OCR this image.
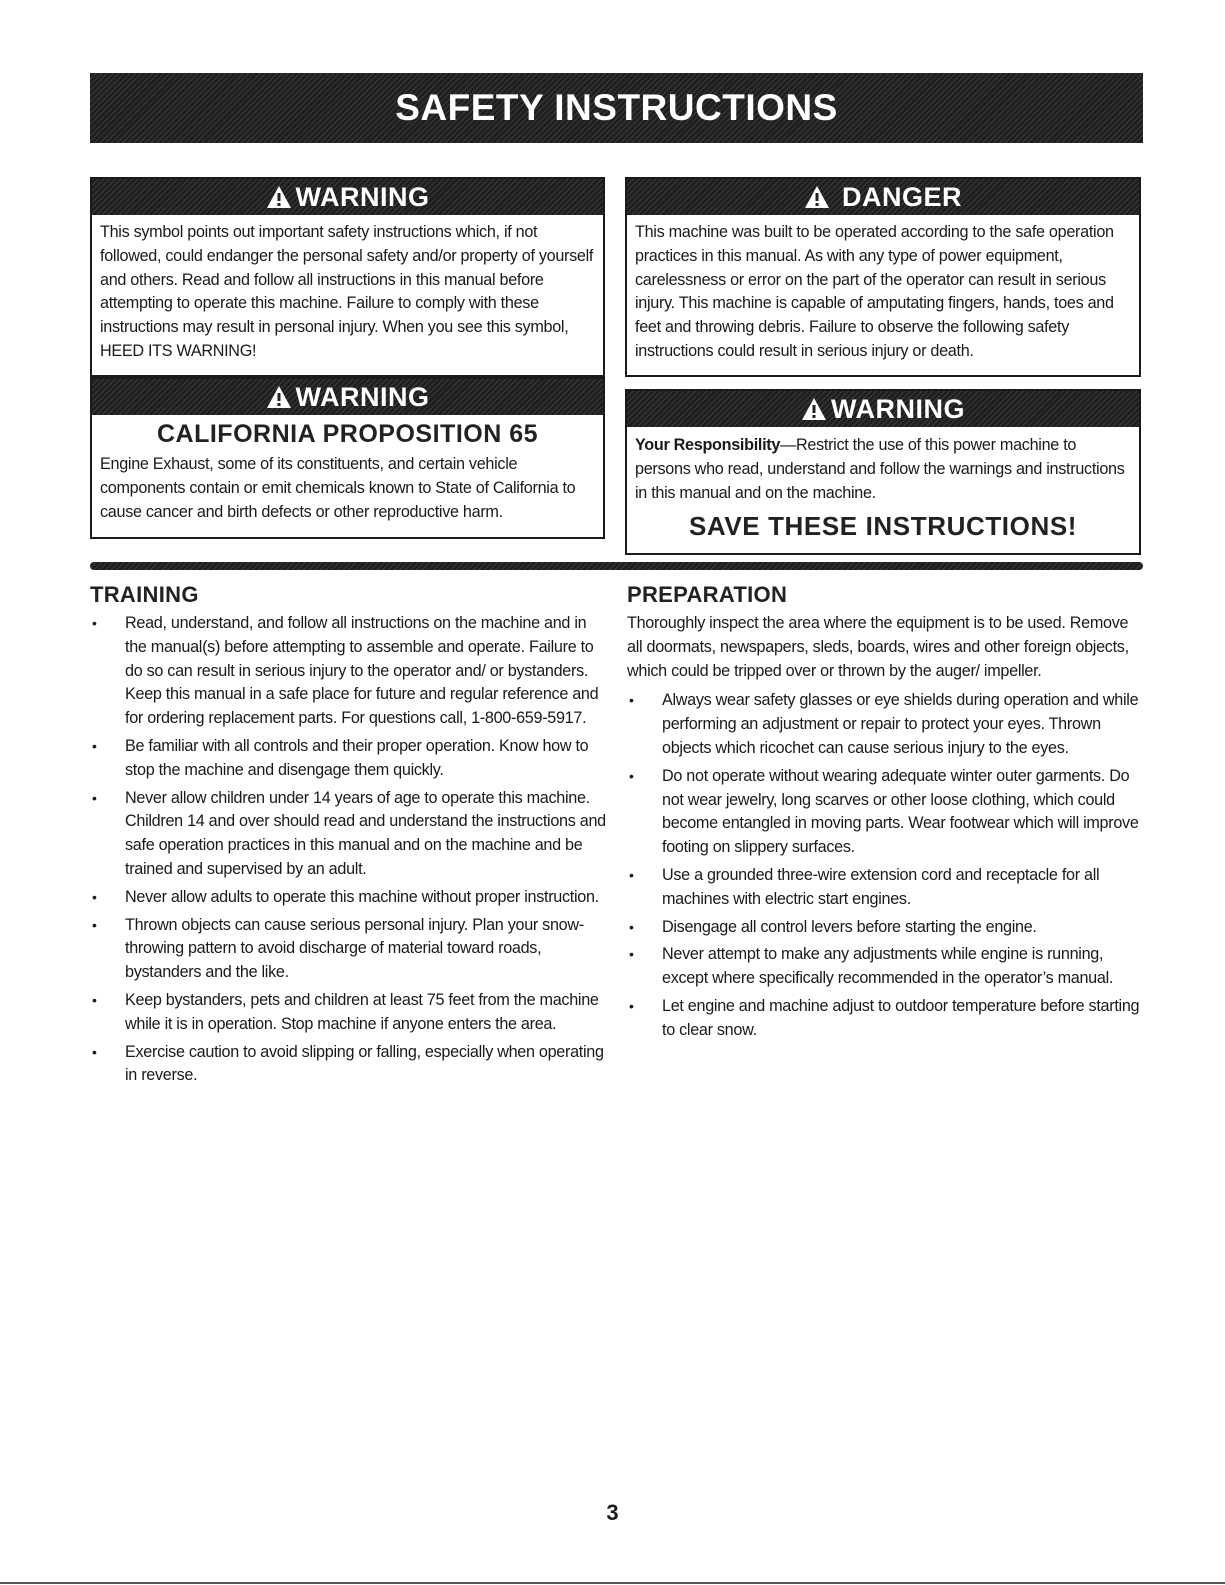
SAFETY INSTRUCTIONS
WARNING
This symbol points out important safety instructions which, if not followed, could endanger the personal safety and/or property of yourself and others. Read and follow all instructions in this manual before attempting to operate this machine. Failure to comply with these instructions may result in personal injury. When you see this symbol, HEED ITS WARNING!
WARNING
CALIFORNIA PROPOSITION 65
Engine Exhaust, some of its constituents, and certain vehicle components contain or emit chemicals known to State of California to cause cancer and birth defects or other reproductive harm.
DANGER
This machine was built to be operated according to the safe operation practices in this manual. As with any type of power equipment, carelessness or error on the part of the operator can result in serious injury. This machine is capable of amputating fingers, hands, toes and feet and throwing debris. Failure to observe the following safety instructions could result in serious injury or death.
WARNING
Your Responsibility—Restrict the use of this power machine to persons who read, understand and follow the warnings and instructions in this manual and on the machine.
SAVE THESE INSTRUCTIONS!
TRAINING
• Read, understand, and follow all instructions on the machine and in the manual(s) before attempting to assemble and operate. Failure to do so can result in serious injury to the operator and/ or bystanders. Keep this manual in a safe place for future and regular reference and for ordering replacement parts. For questions call, 1-800-659-5917.
• Be familiar with all controls and their proper operation. Know how to stop the machine and disengage them quickly.
• Never allow children under 14 years of age to operate this machine. Children 14 and over should read and understand the instructions and safe operation practices in this manual and on the machine and be trained and supervised by an adult.
• Never allow adults to operate this machine without proper instruction.
• Thrown objects can cause serious personal injury. Plan your snow-throwing pattern to avoid discharge of material toward roads, bystanders and the like.
• Keep bystanders, pets and children at least 75 feet from the machine while it is in operation. Stop machine if anyone enters the area.
• Exercise caution to avoid slipping or falling, especially when operating in reverse.
PREPARATION
Thoroughly inspect the area where the equipment is to be used. Remove all doormats, newspapers, sleds, boards, wires and other foreign objects, which could be tripped over or thrown by the auger/ impeller.
• Always wear safety glasses or eye shields during operation and while performing an adjustment or repair to protect your eyes. Thrown objects which ricochet can cause serious injury to the eyes.
• Do not operate without wearing adequate winter outer garments. Do not wear jewelry, long scarves or other loose clothing, which could become entangled in moving parts. Wear footwear which will improve footing on slippery surfaces.
• Use a grounded three-wire extension cord and receptacle for all machines with electric start engines.
• Disengage all control levers before starting the engine.
• Never attempt to make any adjustments while engine is running, except where specifically recommended in the operator’s manual.
• Let engine and machine adjust to outdoor temperature before starting to clear snow.
3
